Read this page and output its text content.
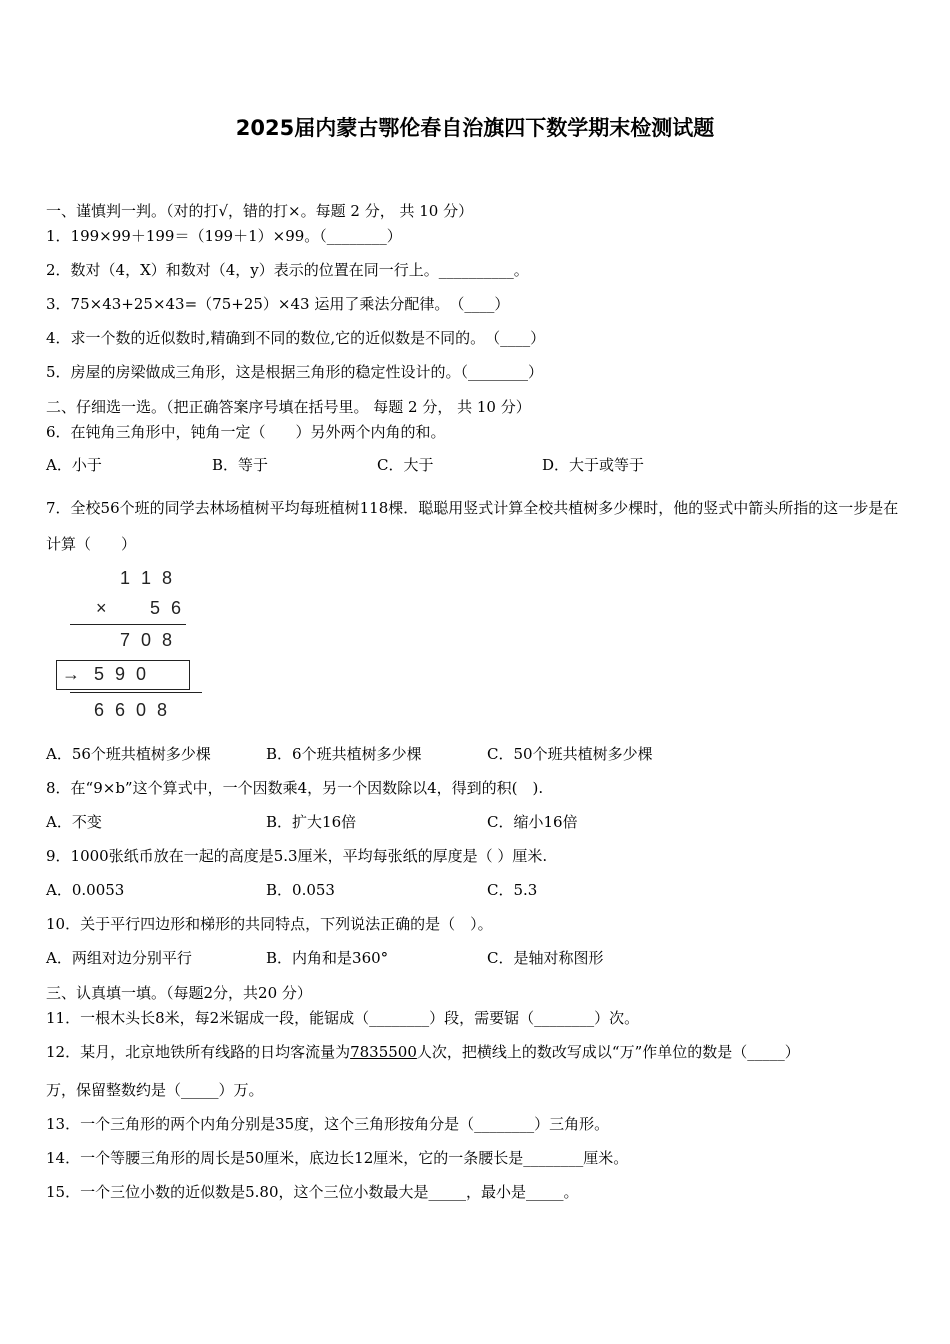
2025届内蒙古鄂伦春自治旗四下数学期末检测试题
一、谨慎判一判。（对的打√，错的打×。每题 2 分， 共 10 分）
1．199×99＋199＝（199＋1）×99。（________）
2．数对（4，X）和数对（4，y）表示的位置在同一行上。__________。
3．75×43+25×43=（75+25）×43 运用了乘法分配律。　（____）
4．求一个数的近似数时,精确到不同的数位,它的近似数是不同的。　（____）
5．房屋的房梁做成三角形，这是根据三角形的稳定性设计的。（________）
二、仔细选一选。（把正确答案序号填在括号里。 每题 2 分， 共 10 分）
6．在钝角三角形中，钝角一定（　　）另外两个内角的和。
A．小于	B．等于	C．大于	D．大于或等于
7．全校56个班的同学去林场植树平均每班植树118棵．聪聪用竖式计算全校共植树多少棵时，他的竖式中箭头所指的这一步是在计算（　　）
1 1 8
× 5 6
7 0 8
→ 5 9 0
6 6 0 8
A．56个班共植树多少棵	B．6个班共植树多少棵	C．50个班共植树多少棵
8．在“9×b”这个算式中，一个因数乘4，另一个因数除以4，得到的积(　).
A．不变	B．扩大16倍	C．缩小16倍
9．1000张纸币放在一起的高度是5.3厘米，平均每张纸的厚度是（ ）厘米.
A．0.0053	B．0.053	C．5.3
10．关于平行四边形和梯形的共同特点，下列说法正确的是（　）。
A．两组对边分别平行	B．内角和是360°	C．是轴对称图形
三、认真填一填。（每题2分，共20 分）
11．一根木头长8米，每2米锯成一段，能锯成（________）段，需要锯（________）次。
12．某月，北京地铁所有线路的日均客流量为7835500人次，把横线上的数改写成以“万”作单位的数是（_____）
万，保留整数约是（_____）万。
13．一个三角形的两个内角分别是35度，这个三角形按角分是（________）三角形。
14．一个等腰三角形的周长是50厘米，底边长12厘米，它的一条腰长是________厘米。
15．一个三位小数的近似数是5.80，这个三位小数最大是_____，最小是_____。
